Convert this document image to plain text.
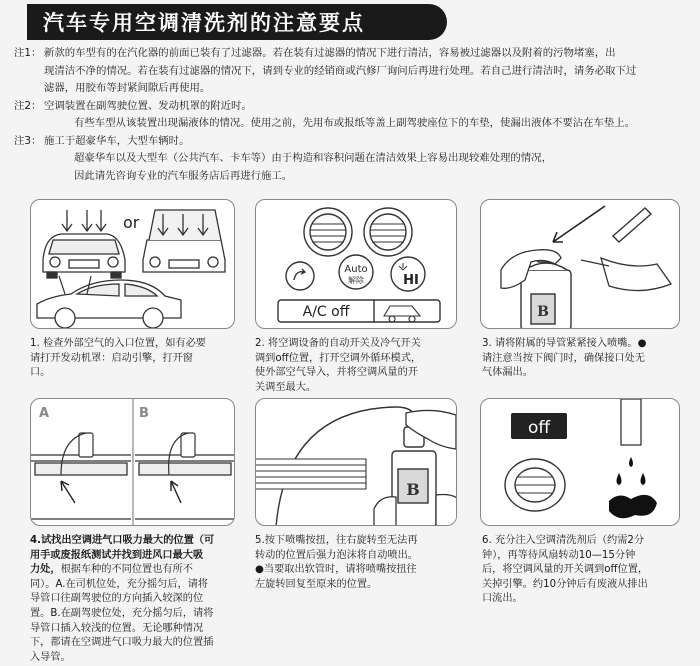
汽车专用空调清洗剂的注意要点
注1： 新款的车型有的在汽化器的前面已装有了过滤器。若在装有过滤器的情况下进行清洁，容易被过滤器以及附着的污物堵塞，出
现清洁不净的情况。若在装有过滤器的情况下，请到专业的经销商或汽修厂询问后再进行处理。若自己进行清洁时，请务必取下过
滤器，用胶布等封紧间隙后再使用。
注2： 空调装置在副驾驶位置、发动机罩的附近时。
有些车型从该装置出现漏液体的情况。使用之前，先用布或报纸等盖上副驾驶座位下的车垫，使漏出液体不要沾在车垫上。
注3： 施工于超豪华车，大型车辆时。
超豪华车以及大型车（公共汽车、卡车等）由于构造和容积问题在清洁效果上容易出现较难处理的情况，
因此请先咨询专业的汽车服务店后再进行施工。
or
Auto
解除	HI
A/C off	B
1. 检查外部空气的入口位置，如有必要
请打开发动机罩：启动引擎，打开窗
口。
2. 将空调设备的自动开关及冷气开关
调到off位置，打开空调外循环模式，
使外部空气导入，并将空调风量的开
关调至最大。
3. 请将附属的导管紧紧接入喷嘴。●
请注意当按下阀门时，确保接口处无
气体漏出。
A	B
B
off
4.试找出空调进气口吸力最大的位置（可
用手或废报纸测试并找到进风口最大吸
力处，根据车种的不同位置也有所不
同）。A.在司机位处，充分摇匀后，请将
导管口往副驾驶位的方向插入较深的位
置。B.在副驾驶位处，充分摇匀后，请将
导管口插入较浅的位置。无论哪种情况
下，都请在空调进气口吸力最大的位置插
入导管。
5.按下喷嘴按扭，往右旋转至无法再
转动的位置后强力泡沫将自动喷出。
●当要取出软管时，请将喷嘴按扭往
左旋转回复至原来的位置。
6. 充分注入空调清洗剂后（约需2分
钟），再等待风扇转动10—15分钟
后，将空调风量的开关调到off位置，
关掉引擎。约10分钟后有废液从排出
口流出。
